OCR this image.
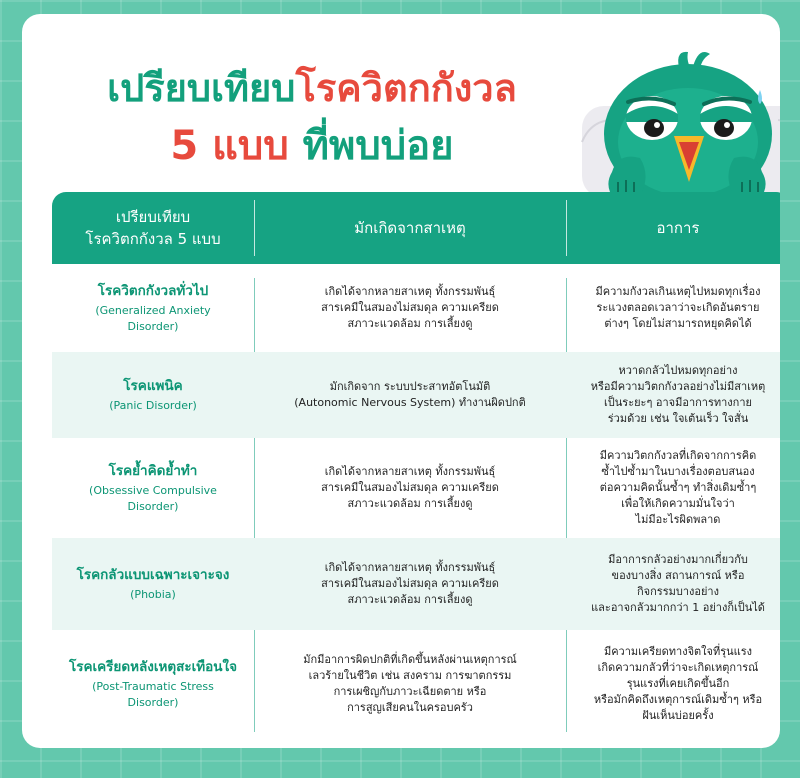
เปรียบเทียบโรควิตกกังวล
5 แบบ ที่พบบ่อย
เปรียบเทียบ
โรควิตกกังวล 5 แบบ
มักเกิดจากสาเหตุ	อาการ
โรควิตกกังวลทั่วไป
(Generalized Anxiety
Disorder)
เกิดได้จากหลายสาเหตุ ทั้งกรรมพันธุ์
สารเคมีในสมองไม่สมดุล ความเครียด
สภาวะแวดล้อม การเลี้ยงดู
มีความกังวลเกินเหตุไปหมดทุกเรื่อง
ระแวงตลอดเวลาว่าจะเกิดอันตราย
ต่างๆ โดยไม่สามารถหยุดคิดได้
โรคแพนิค
(Panic Disorder)
มักเกิดจาก ระบบประสาทอัตโนมัติ
(Autonomic Nervous System) ทำงานผิดปกติ
หวาดกลัวไปหมดทุกอย่าง
หรือมีความวิตกกังวลอย่างไม่มีสาเหตุ
เป็นระยะๆ อาจมีอาการทางกาย
ร่วมด้วย เช่น ใจเต้นเร็ว ใจสั่น
โรคย้ำคิดย้ำทำ
(Obsessive Compulsive
Disorder)
เกิดได้จากหลายสาเหตุ ทั้งกรรมพันธุ์
สารเคมีในสมองไม่สมดุล ความเครียด
สภาวะแวดล้อม การเลี้ยงดู
มีความวิตกกังวลที่เกิดจากการคิด
ซ้ำไปซ้ำมาในบางเรื่องตอบสนอง
ต่อความคิดนั้นซ้ำๆ ทำสิ่งเดิมซ้ำๆ
เพื่อให้เกิดความมั่นใจว่า
ไม่มีอะไรผิดพลาด
โรคกลัวแบบเฉพาะเจาะจง
(Phobia)
เกิดได้จากหลายสาเหตุ ทั้งกรรมพันธุ์
สารเคมีในสมองไม่สมดุล ความเครียด
สภาวะแวดล้อม การเลี้ยงดู
มีอาการกลัวอย่างมากเกี่ยวกับ
ของบางสิ่ง สถานการณ์ หรือ
กิจกรรมบางอย่าง
และอาจกลัวมากกว่า 1 อย่างก็เป็นได้
โรคเครียดหลังเหตุสะเทือนใจ
(Post-Traumatic Stress
Disorder)
มักมีอาการผิดปกติที่เกิดขึ้นหลังผ่านเหตุการณ์
เลวร้ายในชีวิต เช่น สงคราม การฆาตกรรม
การเผชิญกับภาวะเฉียดตาย หรือ
การสูญเสียคนในครอบครัว
มีความเครียดทางจิตใจที่รุนแรง
เกิดความกลัวที่ว่าจะเกิดเหตุการณ์
รุนแรงที่เคยเกิดขึ้นอีก
หรือมักคิดถึงเหตุการณ์เดิมซ้ำๆ หรือ
ฝันเห็นบ่อยครั้ง
